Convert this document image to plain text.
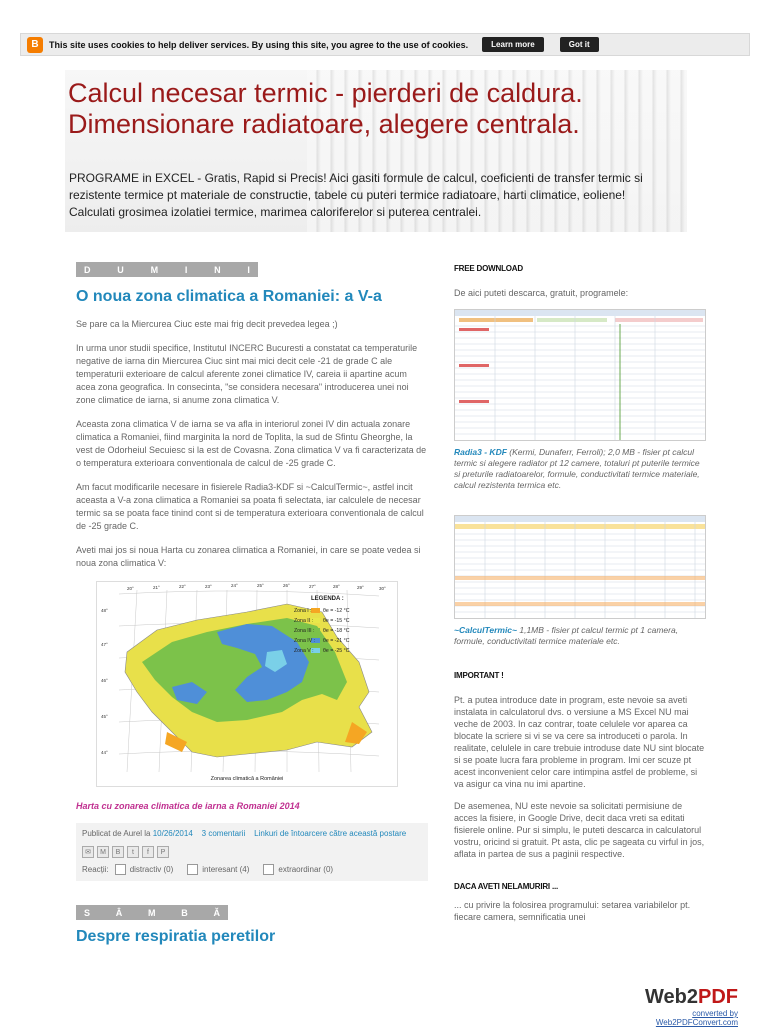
B	This site uses cookies to help deliver services. By using this site, you agree to the use of cookies.	Learn more	Got it
Calcul necesar termic - pierderi de caldura. Dimensionare radiatoare, alegere centrala.
PROGRAME in EXCEL - Gratis, Rapid si Precis! Aici gasiti formule de calcul, coeficienti de transfer termic si rezistente termice pt materiale de constructie, tabele cu puteri termice radiatoare, harti climatice, eoliene! Calculati grosimea izolatiei termice, marimea caloriferelor si puterea centralei.
D	U	M	I	N	I
O noua zona climatica a Romaniei: a V-a

Se pare ca la Miercurea Ciuc este mai frig decit prevedea legea ;)

In urma unor studii specifice, Institutul INCERC Bucuresti a constatat ca temperaturile negative de iarna din Miercurea Ciuc sint mai mici decit cele -21 de grade C ale temperaturii exterioare de calcul aferente zonei climatice IV, careia ii apartine acum acea zona geografica. In consecinta, "se considera necesara" introducerea unei noi zone climatice de iarna, si anume zona climatica V.

Aceasta zona climatica V de iarna se va afla in interiorul zonei IV din actuala zonare climatica a Romaniei, fiind marginita la nord de Toplita, la sud de Sfintu Gheorghe, la vest de Odorheiul Secuiesc si la est de Covasna. Zona climatica V va fi caracterizata de o temperatura exterioara conventionala de calcul de -25 grade C.

Am facut modificarile necesare in fisierele Radia3-KDF si ~CalculTermic~, astfel incit aceasta a V-a zona climatica a Romaniei sa poata fi selectata, iar calculele de necesar termic sa se poata face tinind cont si de temperatura exterioara conventionala de calcul de -25 grade C.

Aveti mai jos si noua Harta cu zonarea climatica a Romaniei, in care se poate vedea si noua zona climatica V:

LEGENDA :
Zona I : θe = -12 °C
Zona II : θe = -15 °C
Zona III : θe = -18 °C
Zona IV : θe = -21 °C
Zona V : θe = -25 °C
20°	21°	22°	23°	24°	25°	26°	27°	28°	29°	30°
48°
47°
46°
45°
44°
Zonarea climatică a României
Harta cu zonarea climatica de iarna a Romaniei 2014
Publicat de Aurel la 10/26/2014 3 comentarii Linkuri de întoarcere către această postare
✉	M	B	t	f	P
Reacții:	distractiv (0)	interesant (4)	extraordinar (0)
S	Â	M	B	Ă
Despre respiratia peretilor
FREE DOWNLOAD

De aici puteti descarca, gratuit, programele:

Radia3 - KDF (Kermi, Dunaferr, Ferroli); 2,0 MB - fisier pt calcul termic si alegere radiator pt 12 camere, totaluri pt puterile termice si preturile radiatoarelor, formule, conductivitati termice materiale, calcul rezistenta termica etc.

~CalculTermic~ 1,1MB - fisier pt calcul termic pt 1 camera, formule, conductivitati termice materiale etc.

IMPORTANT !

Pt. a putea introduce date in program, este nevoie sa aveti instalata in calculatorul dvs. o versiune a MS Excel NU mai veche de 2003. In caz contrar, toate celulele vor aparea ca blocate la scriere si vi se va cere sa introduceti o parola. In realitate, celulele in care trebuie introduse date NU sint blocate si se poate lucra fara probleme in program. Imi cer scuze pt acest inconvenient celor care intimpina astfel de probleme, si va asigur ca vina nu imi apartine.

De asemenea, NU este nevoie sa solicitati permisiune de acces la fisiere, in Google Drive, decit daca vreti sa editati fisierele online. Pur si simplu, le puteti descarca in calculatorul vostru, oricind si gratuit. Pt asta, clic pe sageata cu virful in jos, aflata in partea de sus a paginii respective.

DACA AVETI NELAMURIRI ...

... cu privire la folosirea programului: setarea variabilelor pt. fiecare camera, semnificatia unei

Web2PDF
converted by Web2PDFConvert.com
